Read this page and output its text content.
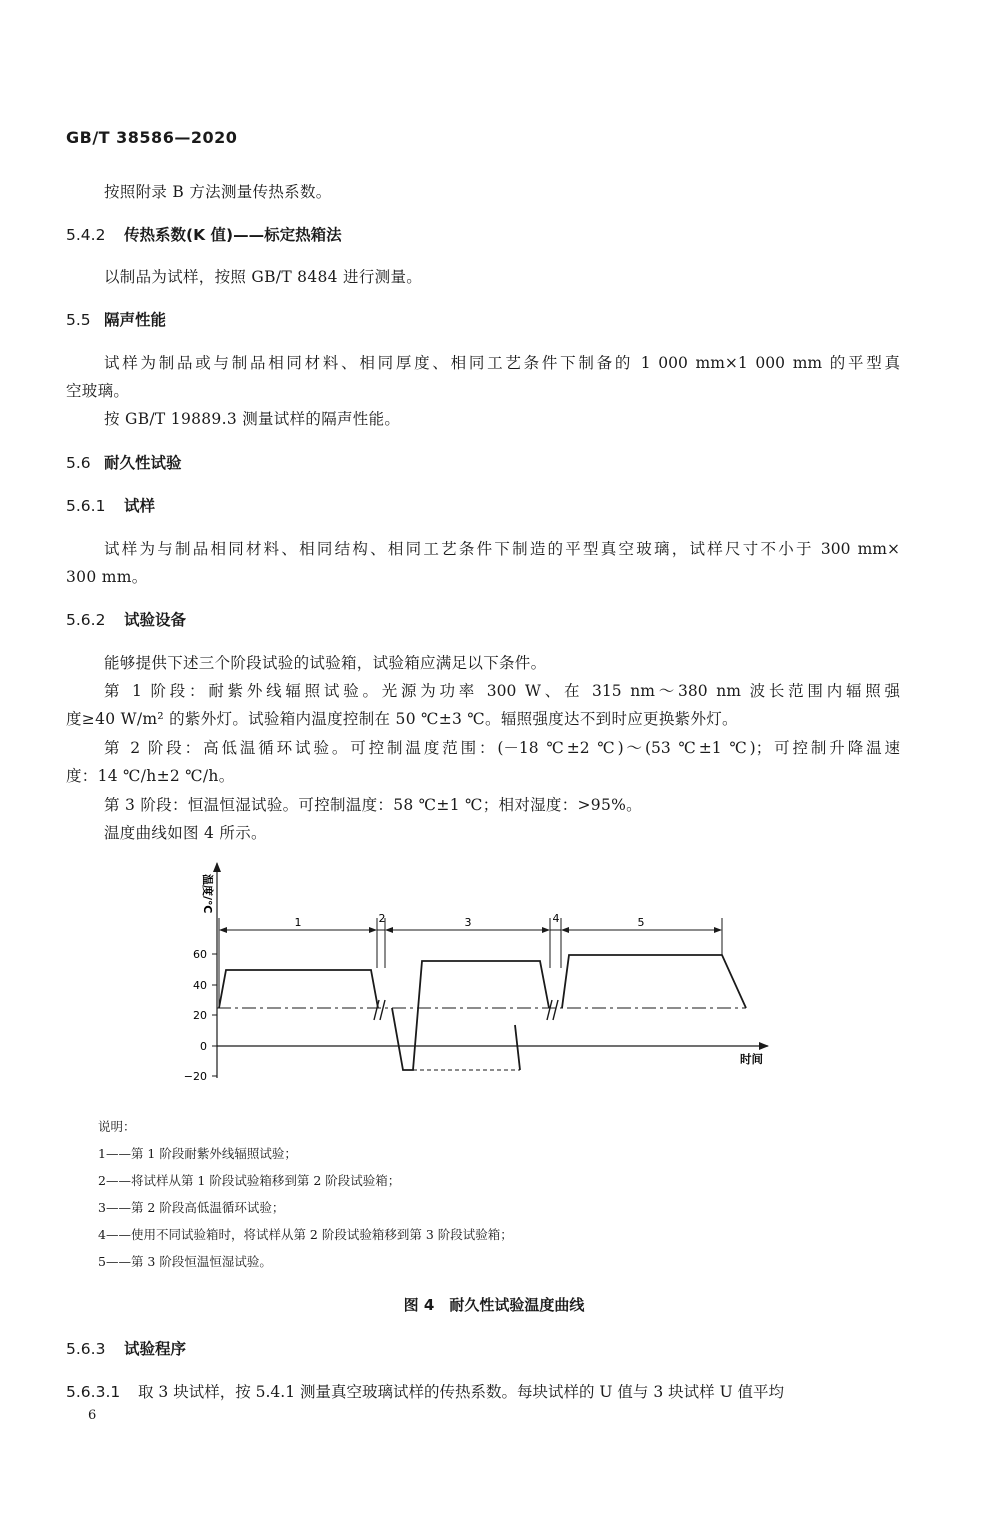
GB/T 38586—2020
按照附录 B 方法测量传热系数。
5.4.2 传热系数(K 值)——标定热箱法
以制品为试样，按照 GB/T 8484 进行测量。
5.5 隔声性能
试样为制品或与制品相同材料、相同厚度、相同工艺条件下制备的 1 000 mm×1 000 mm 的平型真
空玻璃。
按 GB/T 19889.3 测量试样的隔声性能。
5.6 耐久性试验
5.6.1 试样
试样为与制品相同材料、相同结构、相同工艺条件下制造的平型真空玻璃，试样尺寸不小于 300 mm×
300 mm。
5.6.2 试验设备
能够提供下述三个阶段试验的试验箱，试验箱应满足以下条件。
第 1 阶段：耐紫外线辐照试验。光源为功率 300 W、在 315 nm～380 nm 波长范围内辐照强
度≥40 W/m² 的紫外灯。试验箱内温度控制在 50 ℃±3 ℃。辐照强度达不到时应更换紫外灯。
第 2 阶段：高低温循环试验。可控制温度范围：(－18 ℃±2 ℃)～(53 ℃±1 ℃)；可控制升降温速
度：14 ℃/h±2 ℃/h。
第 3 阶段：恒温恒湿试验。可控制温度：58 ℃±1 ℃；相对湿度：>95%。
温度曲线如图 4 所示。
60
40
20
0
−20
温度/℃
时间
1	2	3	4	5
说明：
1——第 1 阶段耐紫外线辐照试验；
2——将试样从第 1 阶段试验箱移到第 2 阶段试验箱；
3——第 2 阶段高低温循环试验；
4——使用不同试验箱时，将试样从第 2 阶段试验箱移到第 3 阶段试验箱；
5——第 3 阶段恒温恒湿试验。
图 4　耐久性试验温度曲线
5.6.3 试验程序
5.6.3.1 取 3 块试样，按 5.4.1 测量真空玻璃试样的传热系数。每块试样的 U 值与 3 块试样 U 值平均
6
